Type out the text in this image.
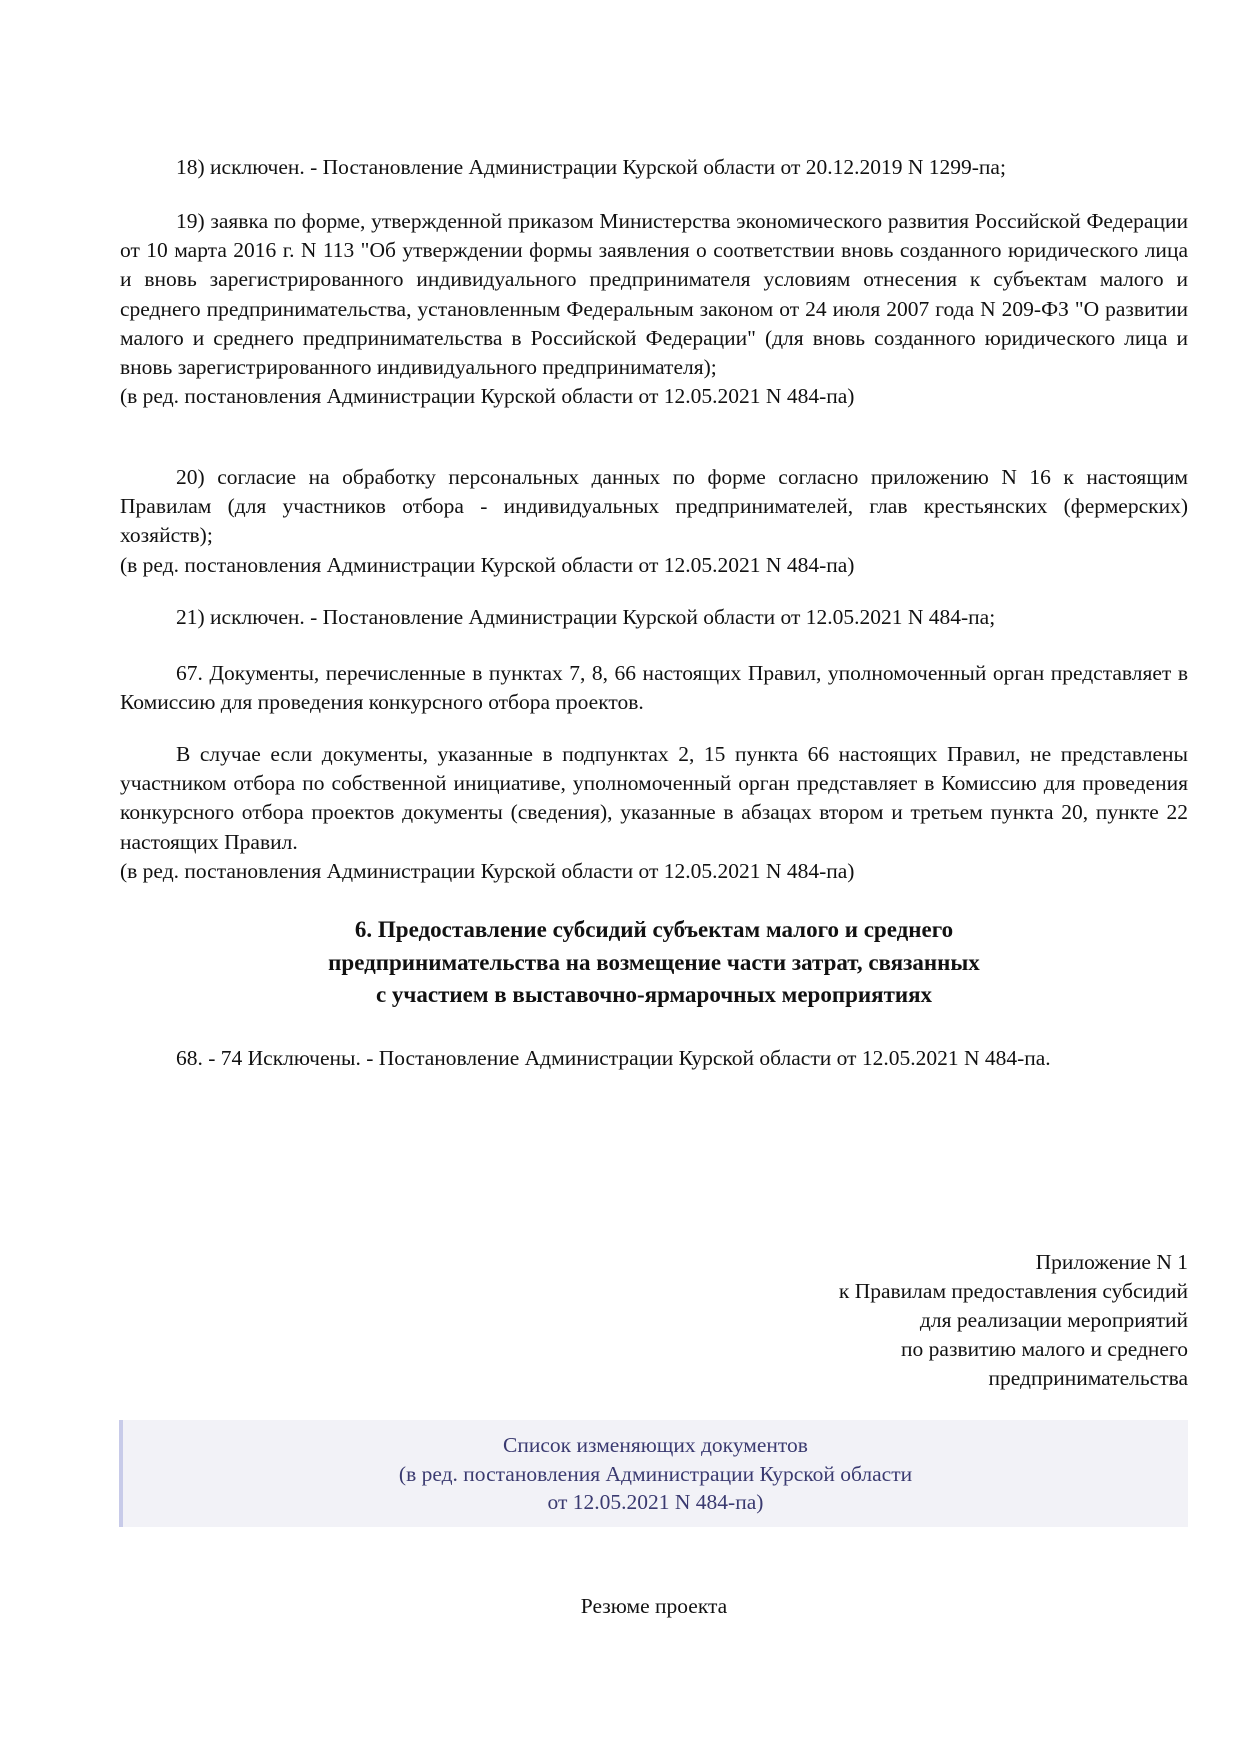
18) исключен. - Постановление Администрации Курской области от 20.12.2019 N 1299-па;

19) заявка по форме, утвержденной приказом Министерства экономического развития Российской Федерации от 10 марта 2016 г. N 113 "Об утверждении формы заявления о соответствии вновь созданного юридического лица и вновь зарегистрированного индивидуального предпринимателя условиям отнесения к субъектам малого и среднего предпринимательства, установленным Федеральным законом от 24 июля 2007 года N 209-ФЗ "О развитии малого и среднего предпринимательства в Российской Федерации" (для вновь созданного юридического лица и вновь зарегистрированного индивидуального предпринимателя);

(в ред. постановления Администрации Курской области от 12.05.2021 N 484-па)

20) согласие на обработку персональных данных по форме согласно приложению N 16 к настоящим Правилам (для участников отбора - индивидуальных предпринимателей, глав крестьянских (фермерских) хозяйств);

(в ред. постановления Администрации Курской области от 12.05.2021 N 484-па)

21) исключен. - Постановление Администрации Курской области от 12.05.2021 N 484-па;

67. Документы, перечисленные в пунктах 7, 8, 66 настоящих Правил, уполномоченный орган представляет в Комиссию для проведения конкурсного отбора проектов.

В случае если документы, указанные в подпунктах 2, 15 пункта 66 настоящих Правил, не представлены участником отбора по собственной инициативе, уполномоченный орган представляет в Комиссию для проведения конкурсного отбора проектов документы (сведения), указанные в абзацах втором и третьем пункта 20, пункте 22 настоящих Правил.

(в ред. постановления Администрации Курской области от 12.05.2021 N 484-па)

6. Предоставление субсидий субъектам малого и среднего
предпринимательства на возмещение части затрат, связанных
с участием в выставочно-ярмарочных мероприятиях

68. - 74 Исключены. - Постановление Администрации Курской области от 12.05.2021 N 484-па.

Приложение N 1
к Правилам предоставления субсидий
для реализации мероприятий
по развитию малого и среднего
предпринимательства
Список изменяющих документов
(в ред. постановления Администрации Курской области
от 12.05.2021 N 484-па)
Резюме проекта
